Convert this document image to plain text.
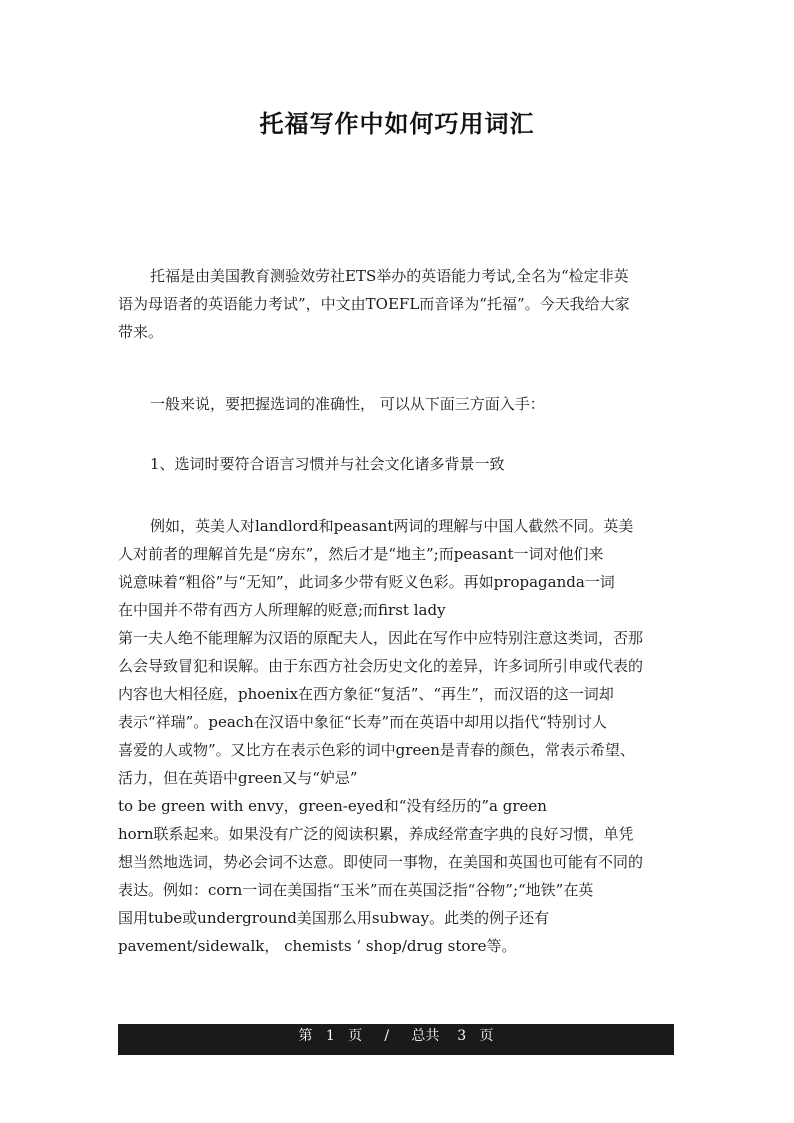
托福写作中如何巧用词汇
托福是由美国教育测验效劳社ETS举办的英语能力考试,全名为“检定非英
语为母语者的英语能力考试”，中文由TOEFL而音译为“托福”。今天我给大家
带来。
一般来说，要把握选词的准确性， 可以从下面三方面入手：
1、选词时要符合语言习惯并与社会文化诸多背景一致
例如，英美人对landlord和peasant两词的理解与中国人截然不同。英美
人对前者的理解首先是“房东”，然后才是“地主”;而peasant一词对他们来
说意味着“粗俗”与“无知”，此词多少带有贬义色彩。再如propaganda一词
在中国并不带有西方人所理解的贬意;而first lady
第一夫人绝不能理解为汉语的原配夫人，因此在写作中应特别注意这类词，否那
么会导致冒犯和误解。由于东西方社会历史文化的差异，许多词所引申或代表的
内容也大相径庭，phoenix在西方象征“复活”、“再生”，而汉语的这一词却
表示“祥瑞”。peach在汉语中象征“长寿”而在英语中却用以指代“特别讨人
喜爱的人或物”。又比方在表示色彩的词中green是青春的颜色，常表示希望、
活力，但在英语中green又与“妒忌”
to be green with envy，green-eyed和“没有经历的”a green
horn联系起来。如果没有广泛的阅读积累，养成经常查字典的良好习惯，单凭
想当然地选词，势必会词不达意。即使同一事物，在美国和英国也可能有不同的
表达。例如：corn一词在美国指“玉米”而在英国泛指“谷物”;“地铁”在英
国用tube或underground美国那么用subway。此类的例子还有
pavement/sidewalk， chemists ‘ shop/drug store等。
第 1 页 / 总共 3 页
